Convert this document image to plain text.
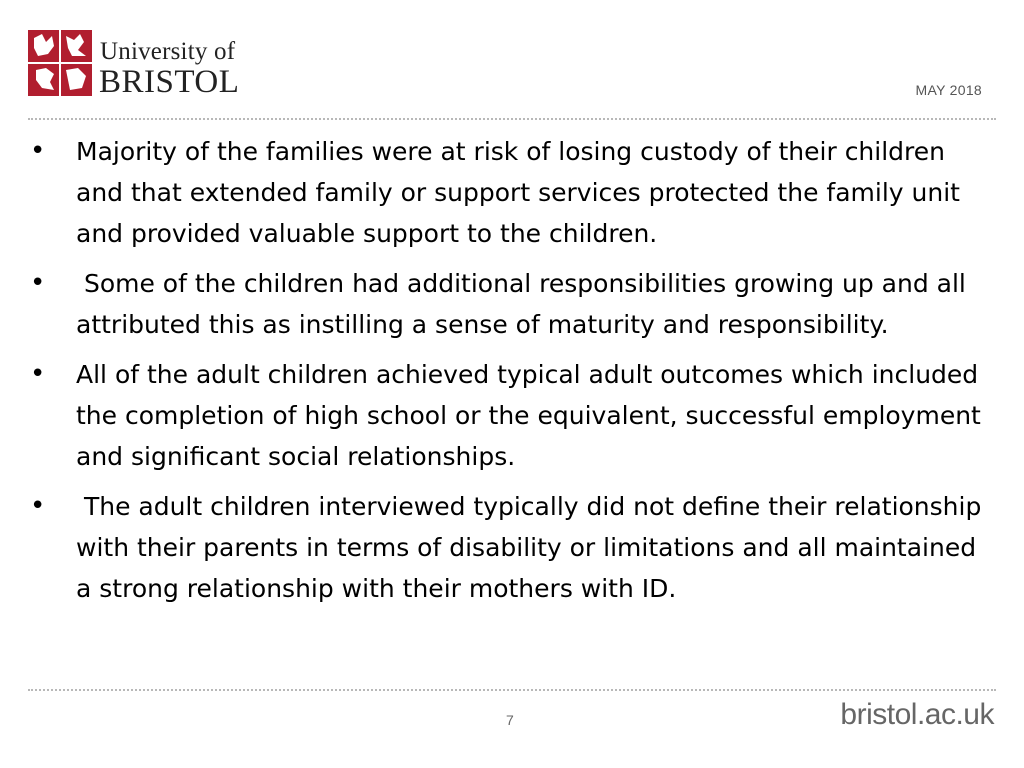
University of
BRISTOL	MAY 2018
• Majority of the families were at risk of losing custody of their children and that extended family or support services protected the family unit and provided valuable support to the children.
• Some of the children had additional responsibilities growing up and all attributed this as instilling a sense of maturity and responsibility.
• All of the adult children achieved typical adult outcomes which included the completion of high school or the equivalent, successful employment and significant social relationships.
• The adult children interviewed typically did not define their relationship with their parents in terms of disability or limitations and all maintained a strong relationship with their mothers with ID.
7	bristol.ac.uk
